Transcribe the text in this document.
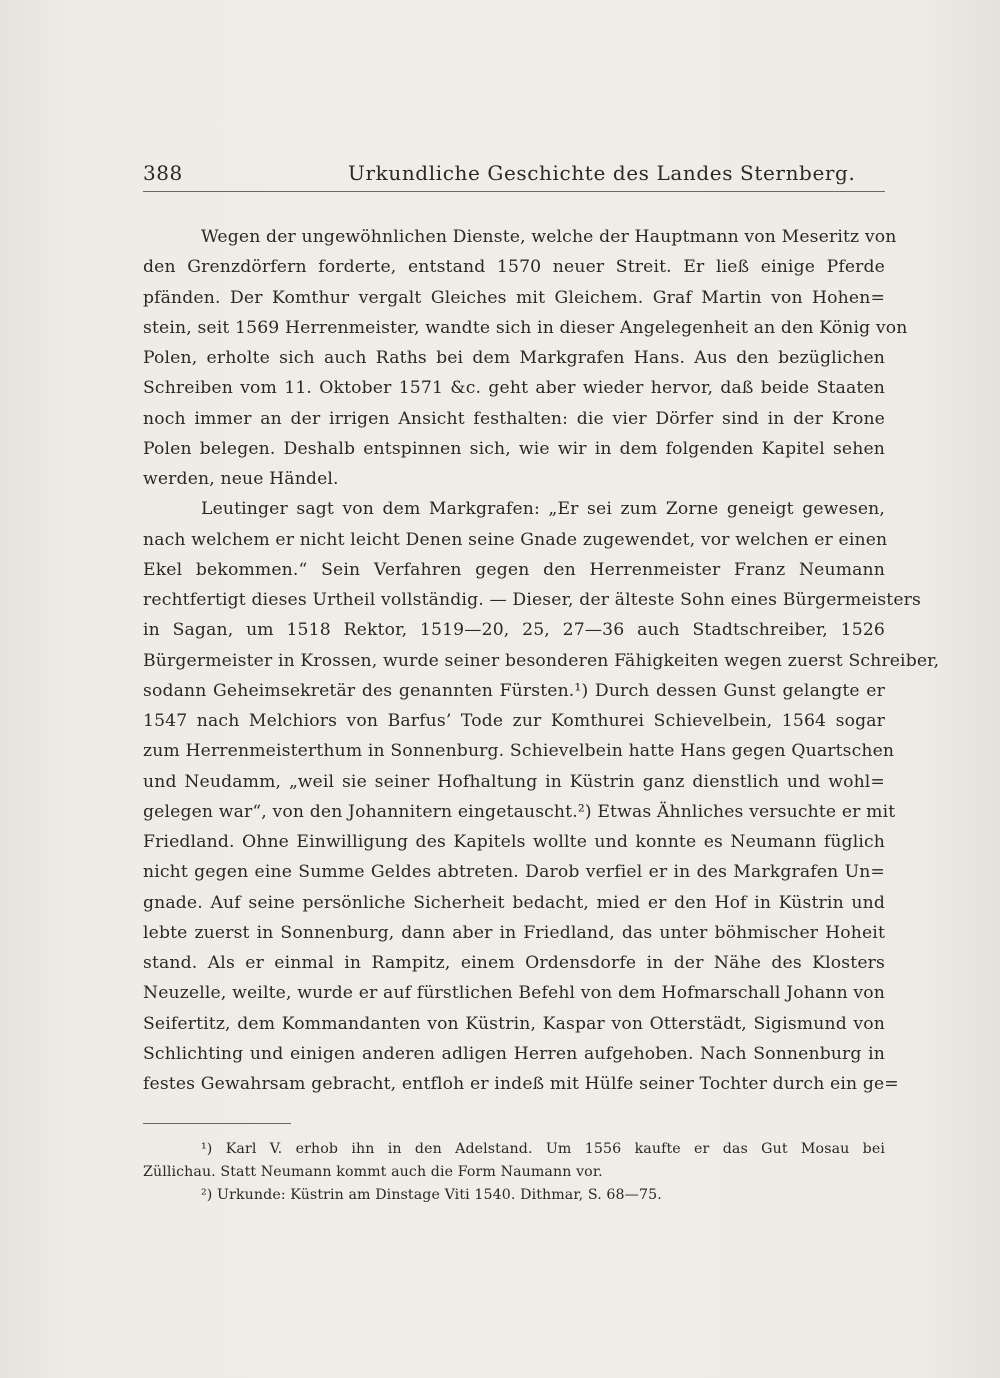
388	Urkundliche Geschichte des Landes Sternberg.
Wegen der ungewöhnlichen Dienste, welche der Hauptmann von Meseritz von
den Grenzdörfern forderte, entstand 1570 neuer Streit. Er ließ einige Pferde
pfänden. Der Komthur vergalt Gleiches mit Gleichem. Graf Martin von Hohen=
stein, seit 1569 Herrenmeister, wandte sich in dieser Angelegenheit an den König von
Polen, erholte sich auch Raths bei dem Markgrafen Hans. Aus den bezüglichen
Schreiben vom 11. Oktober 1571 &c. geht aber wieder hervor, daß beide Staaten
noch immer an der irrigen Ansicht festhalten: die vier Dörfer sind in der Krone
Polen belegen. Deshalb entspinnen sich, wie wir in dem folgenden Kapitel sehen
werden, neue Händel.
Leutinger sagt von dem Markgrafen: „Er sei zum Zorne geneigt gewesen,
nach welchem er nicht leicht Denen seine Gnade zugewendet, vor welchen er einen
Ekel bekommen.“ Sein Verfahren gegen den Herrenmeister Franz Neumann
rechtfertigt dieses Urtheil vollständig. — Dieser, der älteste Sohn eines Bürgermeisters
in Sagan, um 1518 Rektor, 1519—20, 25, 27—36 auch Stadtschreiber, 1526
Bürgermeister in Krossen, wurde seiner besonderen Fähigkeiten wegen zuerst Schreiber,
sodann Geheimsekretär des genannten Fürsten.¹) Durch dessen Gunst gelangte er
1547 nach Melchiors von Barfus’ Tode zur Komthurei Schievelbein, 1564 sogar
zum Herrenmeisterthum in Sonnenburg. Schievelbein hatte Hans gegen Quartschen
und Neudamm, „weil sie seiner Hofhaltung in Küstrin ganz dienstlich und wohl=
gelegen war“, von den Johannitern eingetauscht.²) Etwas Ähnliches versuchte er mit
Friedland. Ohne Einwilligung des Kapitels wollte und konnte es Neumann füglich
nicht gegen eine Summe Geldes abtreten. Darob verfiel er in des Markgrafen Un=
gnade. Auf seine persönliche Sicherheit bedacht, mied er den Hof in Küstrin und
lebte zuerst in Sonnenburg, dann aber in Friedland, das unter böhmischer Hoheit
stand. Als er einmal in Rampitz, einem Ordensdorfe in der Nähe des Klosters
Neuzelle, weilte, wurde er auf fürstlichen Befehl von dem Hofmarschall Johann von
Seifertitz, dem Kommandanten von Küstrin, Kaspar von Otterstädt, Sigismund von
Schlichting und einigen anderen adligen Herren aufgehoben. Nach Sonnenburg in
festes Gewahrsam gebracht, entfloh er indeß mit Hülfe seiner Tochter durch ein ge=
¹) Karl V. erhob ihn in den Adelstand. Um 1556 kaufte er das Gut Mosau bei
Züllichau. Statt Neumann kommt auch die Form Naumann vor.
²) Urkunde: Küstrin am Dinstage Viti 1540. Dithmar, S. 68—75.
